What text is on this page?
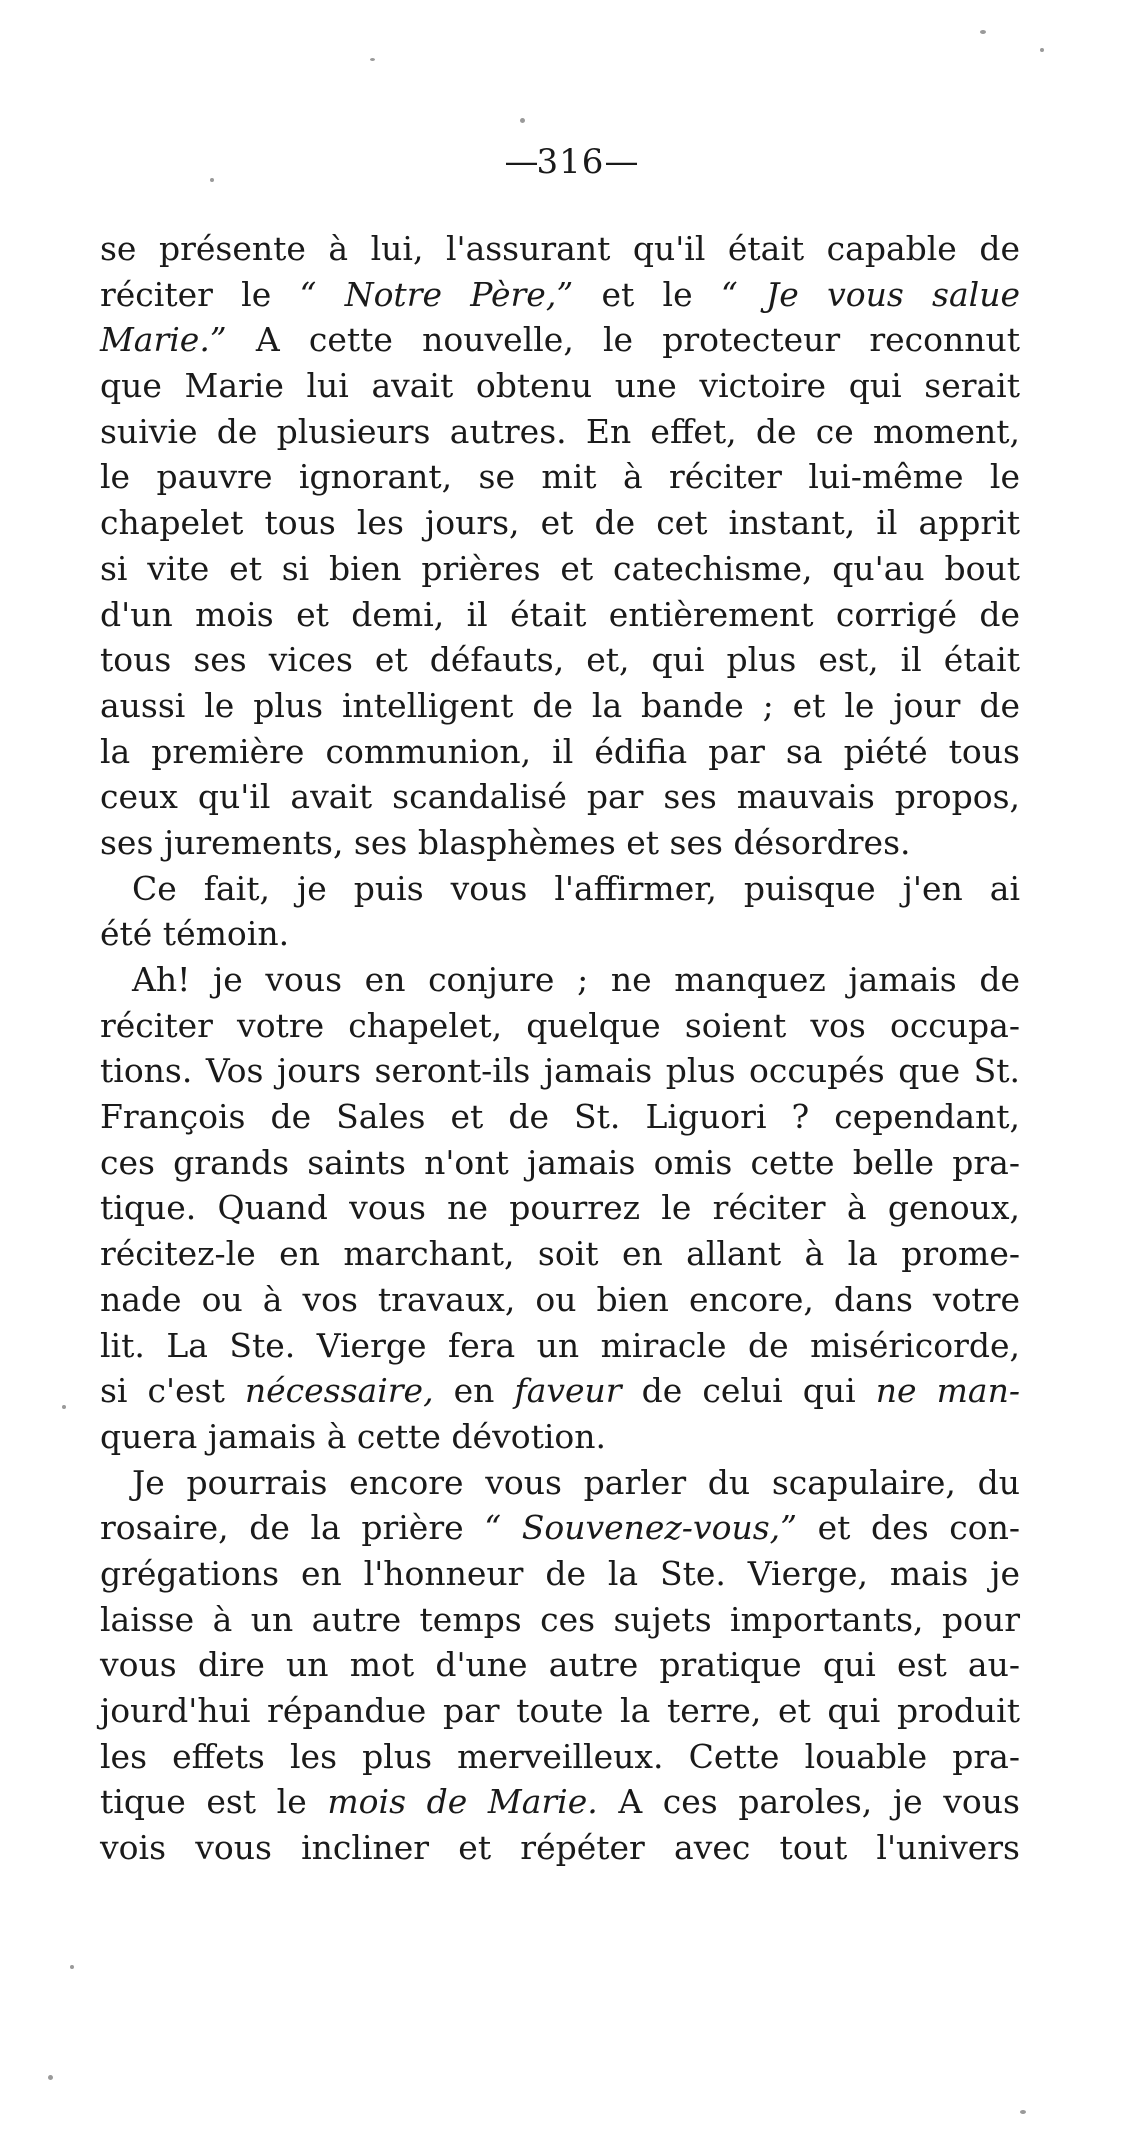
—316—
se présente à lui, l'assurant qu'il était capable de
réciter le “ Notre Père,” et le “ Je vous salue
Marie.” A cette nouvelle, le protecteur reconnut
que Marie lui avait obtenu une victoire qui serait
suivie de plusieurs autres. En effet, de ce moment,
le pauvre ignorant, se mit à réciter lui-même le
chapelet tous les jours, et de cet instant, il apprit
si vite et si bien prières et catechisme, qu'au bout
d'un mois et demi, il était entièrement corrigé de
tous ses vices et défauts, et, qui plus est, il était
aussi le plus intelligent de la bande ; et le jour de
la première communion, il édifia par sa piété tous
ceux qu'il avait scandalisé par ses mauvais propos,
ses jurements, ses blasphèmes et ses désordres.
Ce fait, je puis vous l'affirmer, puisque j'en ai
été témoin.
Ah! je vous en conjure ; ne manquez jamais de
réciter votre chapelet, quelque soient vos occupa-
tions. Vos jours seront-ils jamais plus occupés que St.
François de Sales et de St. Liguori ? cependant,
ces grands saints n'ont jamais omis cette belle pra-
tique. Quand vous ne pourrez le réciter à genoux,
récitez-le en marchant, soit en allant à la prome-
nade ou à vos travaux, ou bien encore, dans votre
lit. La Ste. Vierge fera un miracle de miséricorde,
si c'est nécessaire, en faveur de celui qui ne man-
quera jamais à cette dévotion.
Je pourrais encore vous parler du scapulaire, du
rosaire, de la prière “ Souvenez-vous,” et des con-
grégations en l'honneur de la Ste. Vierge, mais je
laisse à un autre temps ces sujets importants, pour
vous dire un mot d'une autre pratique qui est au-
jourd'hui répandue par toute la terre, et qui produit
les effets les plus merveilleux. Cette louable pra-
tique est le mois de Marie. A ces paroles, je vous
vois vous incliner et répéter avec tout l'univers
